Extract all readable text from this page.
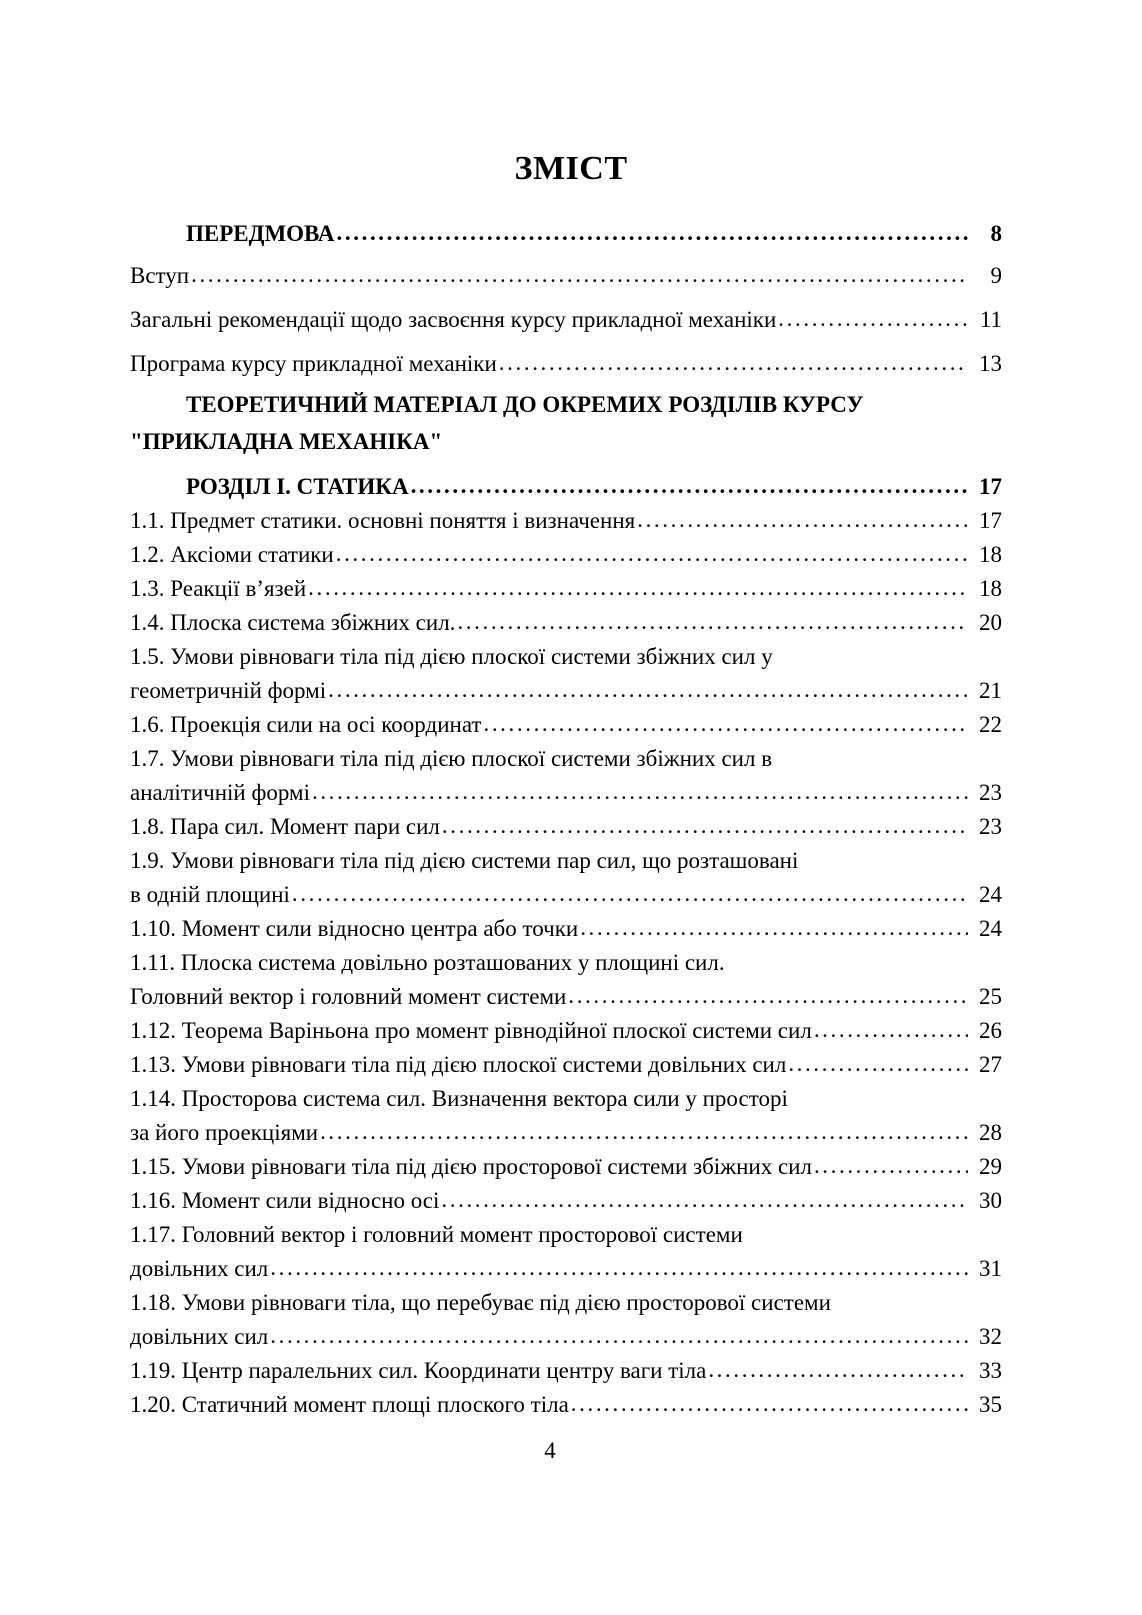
ЗМІСТ
ПЕРЕДМОВА .....	8
Вступ .....	9
Загальні рекомендації щодо засвоєння курсу прикладної механіки .....	11
Програма курсу прикладної механіки .....	13
ТЕОРЕТИЧНИЙ МАТЕРІАЛ ДО ОКРЕМИХ РОЗДІЛІВ КУРСУ
"ПРИКЛАДНА МЕХАНІКА"
РОЗДІЛ I. СТАТИКА .....	17
1.1. Предмет статики. основні поняття і визначення .....	17
1.2. Аксіоми статики .....	18
1.3. Реакції в’язей .....	18
1.4. Плоска система збіжних сил. .....	20
1.5. Умови рівноваги тіла під дією плоскої системи збіжних сил у
геометричній формі .....	21
1.6. Проекція сили на осі координат .....	22
1.7. Умови рівноваги тіла під дією плоскої системи збіжних сил в
аналітичній формі .....	23
1.8. Пара сил. Момент пари сил .....	23
1.9. Умови рівноваги тіла під дією системи пар сил, що розташовані
в одній площині .....	24
1.10. Момент сили відносно центра або точки .....	24
1.11. Плоска система довільно розташованих у площині сил.
Головний вектор і головний момент системи .....	25
1.12. Теорема Варіньона про момент рівнодійної плоскої системи сил .....	26
1.13. Умови рівноваги тіла під дією плоскої системи довільних сил .....	27
1.14. Просторова система сил. Визначення вектора сили у просторі
за його проекціями .....	28
1.15. Умови рівноваги тіла під дією просторової системи збіжних сил .....	29
1.16. Момент сили відносно осі .....	30
1.17. Головний вектор і головний момент просторової системи
довільних сил .....	31
1.18. Умови рівноваги тіла, що перебуває під дією просторової системи
довільних сил .....	32
1.19. Центр паралельних сил. Координати центру ваги тіла .....	33
1.20. Статичний момент площі плоского тіла .....	35
4
